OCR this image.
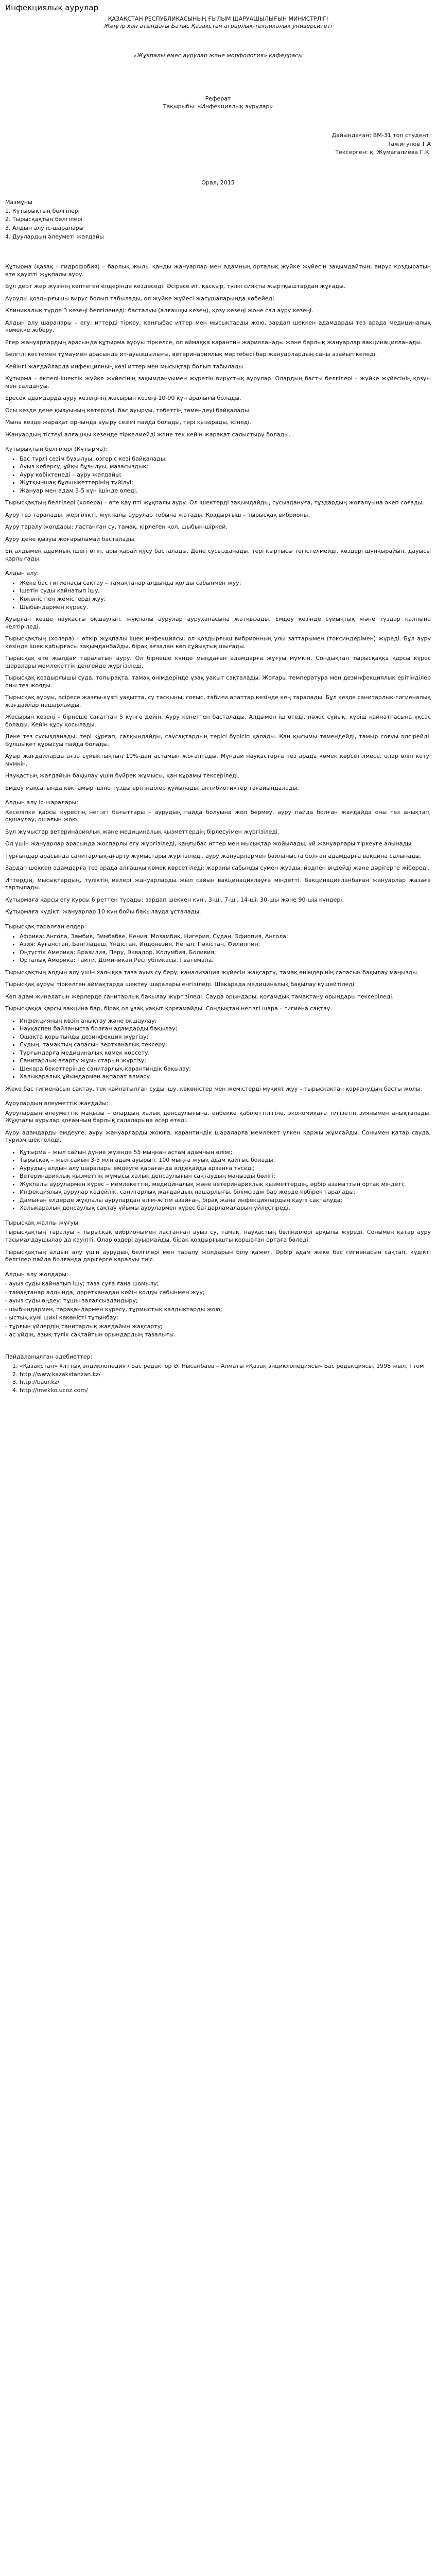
Инфекциялық аурулар
ҚАЗАҚСТАН РЕСПУБЛИКАСЫНЫҢ ҒЫЛЫМ ШАРУАШЫЛЫҒЫН МИНИСТРЛІГІ
Жәңгір хан атындағы Батыс Қазақстан аграрлық-техникалық университеті
«Жұқпалы емес аурулар және морфология» кафедрасы
Реферат
Тақырыбы: «Инфекциялық аурулар»
Дайындаған: ВМ-31 топ студенті
Тажигулов Т.А
Тексерген: қ. Жумагалиева Г.К.
Орал, 2015
Мазмұны
1. Кұтырықтың белгілері
2. Тырысқақтың белгілері
3. Алдын алу іс-шаралары
4. Дуулардың әлеуметі жағдайы

Құтырма (қазақ – гидрофобия) – барлық жылы қанды жануарлар мен адамның орталық жүйке жүйесін зақымдайтын, вирус қоздыратын өте қауіпті жұқпалы ауру.

Бұл дерт жер жүзінің көптеген елдерінде кездеседі. Әсіресе ит, қасқыр, түлкі сияқты жыртқыштардан жұғады.

Ауруды қоздырғышы вирус болып табылады, ол жүйке жүйесі жасушаларында көбейеді.

Клиникалық түрде 3 кезеңі белгіленеді: басталуы (алғашқы кезең), қозу кезеңі және сал ауру кезеңі.

Алдын алу шаралары – егу, иттерді тіркеу, қаңғыбас иттер мен мысықтарды жою, зардап шеккен адамдарды тез арада медициналық көмекке жіберу.

Егер жануарлардың арасында құтырма ауруы тіркелсе, ол аймаққа карантин жарияланады және барлық жануарлар вакцинацияланады.

Белгілі кестемен тұмаумен арасында ит-ауызшылығы, ветеринариялық мәртебесі бар жануарлардың саны азайып келеді.

Кейінгі жағдайларда инфекцияның көзі иттер мен мысықтар болып табылады.

Кұтырма – өкпелі-ішектік жүйке жүйесінің зақымдануымен жүретін вирустық аурулар. Олардың басты белгілері – жүйке жүйесінің қозуы мен салдануы.

Ересек адамдарда ауру кезеңінің жасырын кезеңі 10-90 күн аралығы болады.

Осы кезде дене қызуының көтерілуі, бас ауыруы, тәбеттің төмендеуі байқалады.

Мына кезде жарақат орнында ауыру сезімі пайда болады, тері қызарады, ісінеді.

Жануардың тістеуі алғашқы кезеңде тіркелмейді және тек кейін жарақат салыстыру болады.

Құтырықтың белгілері (Кұтырма):
• Бас түрлі сезім бұзылуы, өзгеріс кезі байқалады;
• Ауыз кеберсу, ұйқы бұзылуы, мазасыздық;
• Ауру көбіктенеді – ауру жағдайы;
• Жұтқыншақ бұлшықеттерінің түйілуі;
• Жануар мен адам 3-5 күн ішінде өледі.

Тырысқақтың белгілері (холера) – өте қауіпті жұқпалы ауру. Ол ішектерді зақымдайды, сусыздануға, тұздардың жоғалуына әкеп соғады.

Ауру тез таралады, жергілікті, жұқпалы аурулар тобына жатады. Қоздырғыш – тырысқақ вибрионы.

Ауру таралу жолдары: ластанған су, тамақ, кірлеген қол, шыбын-шіркей.

Ауру дене қызуы жоғарыламай басталады.

Ең алдымен адамның ішегі өтіп, ары қарай құсу басталады. Дене сусызданады, тері қыртысы тегістелмейді, көздері шұңқырайып, дауысы қарлығады.

Алдын алу:
• Жеке бас гигиенасы сақтау – тамақтанар алдында қолды сабынмен жуу;
• Ішетін суды қайнатып ішу;
• Көкөніс пен жемістерді жуу;
• Шыбындармен күресу.

Ауырған кезде науқасты оқшаулап, жұқпалы аурулар ауруханасына жатқызады. Емдеу кезінде сұйықтық және тұздар қалпына келтіріледі.

Тырысқақтың (холера) – өткір жұқпалы ішек инфекциясы, ол қоздырғыш вибрионның улы заттарымен (токсиндерімен) жүреді. Бұл ауру кезінде ішек қабырғасы зақымданбайды, бірақ ағзадан көп сұйықтық шығады.

Тырысқақ өте жылдам таралатын ауру. Ол бірнеше күнде мыңдаған адамдарға жұғуы мүмкін. Сондықтан тырысқаққа қарсы күрес шаралары мемлекеттік деңгейде жүргізіледі.

Тырысқақ қоздырғышы суда, топырақта, тамақ өнімдерінде ұзақ уақыт сақталады. Жоғары температура мен дезинфекциялық ерітінділер оны тез жояды.

Тырысқақ ауруы, әсіресе жазғы-күзгі уақытта, су тасқыны, соғыс, табиғи апаттар кезінде кең таралады. Бұл кезде санитарлық-гигиеналық жағдайлар нашарлайды.

Жасырын кезеңі – бірнеше сағаттан 5 күнге дейін. Ауру кенеттен басталады. Алдымен іш өтеді, нәжіс сұйық, күріш қайнатпасына ұқсас болады. Кейін құсу қосылады.

Дене тез сусызданады, тері құрғап, салқындайды, саусақтардың терісі бүрісіп қалады. Қан қысымы төмендейді, тамыр соғуы әлсірейді. Бұлшықет құрысуы пайда болады.

Ауыр жағдайларда ағза сұйықтықтың 10%-дан астамын жоғалтады. Мұндай науқастарға тез арада көмек көрсетілмесе, олар өліп кетуі мүмкін.

Науқастың жағдайын бақылау үшін бүйрек жұмысы, қан құрамы тексеріледі.

Емдеу мақсатында көктамыр ішіне тұзды ерітінділер құйылады, антибиотиктер тағайындалады.

Алдын алу іс-шаралары:

Кеселіпке қарсы күрестің негізгі бағыттары – аурудың пайда болуына жол бермеу, ауру пайда болған жағдайда оны тез анықтап, оқшаулау, ошағын жою.

Бұл жұмыстар ветеринариялық және медициналық қызметтердің бірлесуімен жүргізіледі.

Ол үшін жануарлар арасында жоспарлы егу жүргізіледі, қаңғыбас иттер мен мысықтар жойылады, үй жануарлары тіркеуге алынады.

Тұрғындар арасында санитарлық-ағарту жұмыстары жүргізіледі, ауру жануарлармен байланыста болған адамдарға вакцина салынады.

Зардап шеккен адамдарға тез арада алғашқы көмек көрсетіледі: жараны сабынды сумен жуады, йодпен өңдейді және дәрігерге жібереді.

Иттердің, мысықтардың, түліктің иелері жануарларды жыл сайын вакцинациялауға міндетті. Вакцинацияланбаған жануарлар жазаға тартылады.

Құтырмаға қарсы егу курсы 6 реттен тұрады: зардап шеккен күні, 3-ші, 7-ші, 14-ші, 30-шы және 90-шы күндері.

Құтырмаға күдікті жануарлар 10 күн бойы бақылауда ұсталады.

Тырысқақ таралған елдер:
• Африка: Ангола, Замбия, Зимбабве, Кения, Мозамбик, Нигерия, Судан, Эфиопия, Ангола;
• Азия: Ауғанстан, Бангладеш, Үндістан, Индонезия, Непал, Пәкістан, Филиппин;
• Оңтүстік Америка: Бразилия, Перу, Эквадор, Колумбия, Боливия;
• Орталық Америка: Гаити, Доминикан Республикасы, Гватемала.

Тырысқақтың алдын алу үшін халыққа таза ауыз су беру, канализация жүйесін жақсарту, тамақ өнімдерінің сапасын бақылау маңызды.

Тырысқақ ауруы тіркелген аймақтарда шектеу шаралары енгізіледі. Шекарада медициналық бақылау күшейтіледі.

Көп адам жиналатын жерлерде санитарлық бақылау жүргізіледі. Сауда орындары, қоғамдық тамақтану орындары тексеріледі.

Тырысқаққа қарсы вакцина бар, бірақ ол ұзақ уақыт қорғамайды. Сондықтан негізгі шара – гигиена сақтау.

• Инфекцияның көзін анықтау және оқшаулау;
• Науқаспен байланыста болған адамдарды бақылау;
• Ошақта қорытынды дезинфекция жүргізу;
• Судың, тамақтың сапасын зертханалық тексеру;
• Тұрғындарға медициналық көмек көрсету;
• Санитарлық-ағарту жұмыстарын жүргізу;
• Шекара бекеттерінде санитарлық-карантиндік бақылау;
• Халықаралық ұйымдармен ақпарат алмасу.

Жеке бас гигиенасын сақтау, тек қайнатылған суды ішу, көкөністер мен жемістерді мұқият жуу – тырысқақтан қорғанудың басты жолы.

Аурулардың әлеуметтік жағдайы:

Аурулардың әлеуметтік маңызы – олардың халық денсаулығына, еңбекке қабілеттілігіне, экономикаға тигізетін зиянымен анықталады. Жұқпалы аурулар қоғамның барлық салаларына әсер етеді.

Ауру адамдарды емдеуге, ауру жануарларды жоюға, карантиндік шараларға мемлекет үлкен қаржы жұмсайды. Сонымен қатар сауда, туризм шектеледі.

• Құтырма – жыл сайын дүние жүзінде 55 мыңнан астам адамның өлімі;
• Тырысқақ – жыл сайын 3-5 млн адам ауырып, 100 мыңға жуық адам қайтыс болады;
• Аурудың алдын алу шаралары емдеуге қарағанда әлдеқайда арзанға түседі;
• Ветеринариялық қызметтің жұмысы халық денсаулығын сақтаудың маңызды бөлігі;
• Жұқпалы аурулармен күрес – мемлекеттің, медициналық және ветеринариялық қызметтердің, әрбір азаматтың ортақ міндеті;
• Инфекциялық аурулар кедейлік, санитарлық жағдайдың нашарлығы, білімсіздік бар жерде көбірек таралады;
• Дамыған елдерде жұқпалы аурулардан өлім-жітім азайған, бірақ жаңа инфекциялардың қаупі сақталуда;
• Халықаралық денсаулық сақтау ұйымы аурулармен күрес бағдарламаларын үйлестіреді.
Тырысқақ жалпы жұғуы:

Тырысқақтың таралуы – тырысқақ вибрионымен ластанған ауыз су, тамақ, науқастың бөлінділері арқылы жүреді. Сонымен қатар ауру тасымалдаушылар да қауіпті. Олар өздері ауырмайды, бірақ қоздырғышты қоршаған ортаға бөледі.

Тырысқақтың алдын алу үшін аурудың белгілері мен таралу жолдарын білу қажет. Әрбір адам жеке бас гигиенасын сақтап, күдікті белгілер пайда болғанда дәрігерге қаралуы тиіс.

Алдын алу жолдары:
- ауыз суды қайнатып ішу; таза суға ғана шомылу;
- тамақтанар алдында, дәретханадан кейін қолды сабынмен жуу;
- ауыз суды өңдеу: тұщы залалсыздандыру;
- шыбындармен, тарақандармен күресу, тұрмыстық қалдықтарды жою;
- ыстық күні шикі көкөністі тұтынбау;
- тұрғын үйлердің санитарлық жағдайын жақсарту;
- ас үйдің, азық-түлік сақтайтын орындардың тазалығы.
Пайдаланылған әдебиеттер:
1. «Қазақстан» Ұлттық энциклопедия / Бас редактор Ә. Нысанбаев – Алматы «Қазақ энциклопедиясы» Бас редакциясы, 1998 жыл, I том
2. http://www.kazakstanzan.kz/
3. http://baur.kz/
4. http://imekko.ucoz.com/
